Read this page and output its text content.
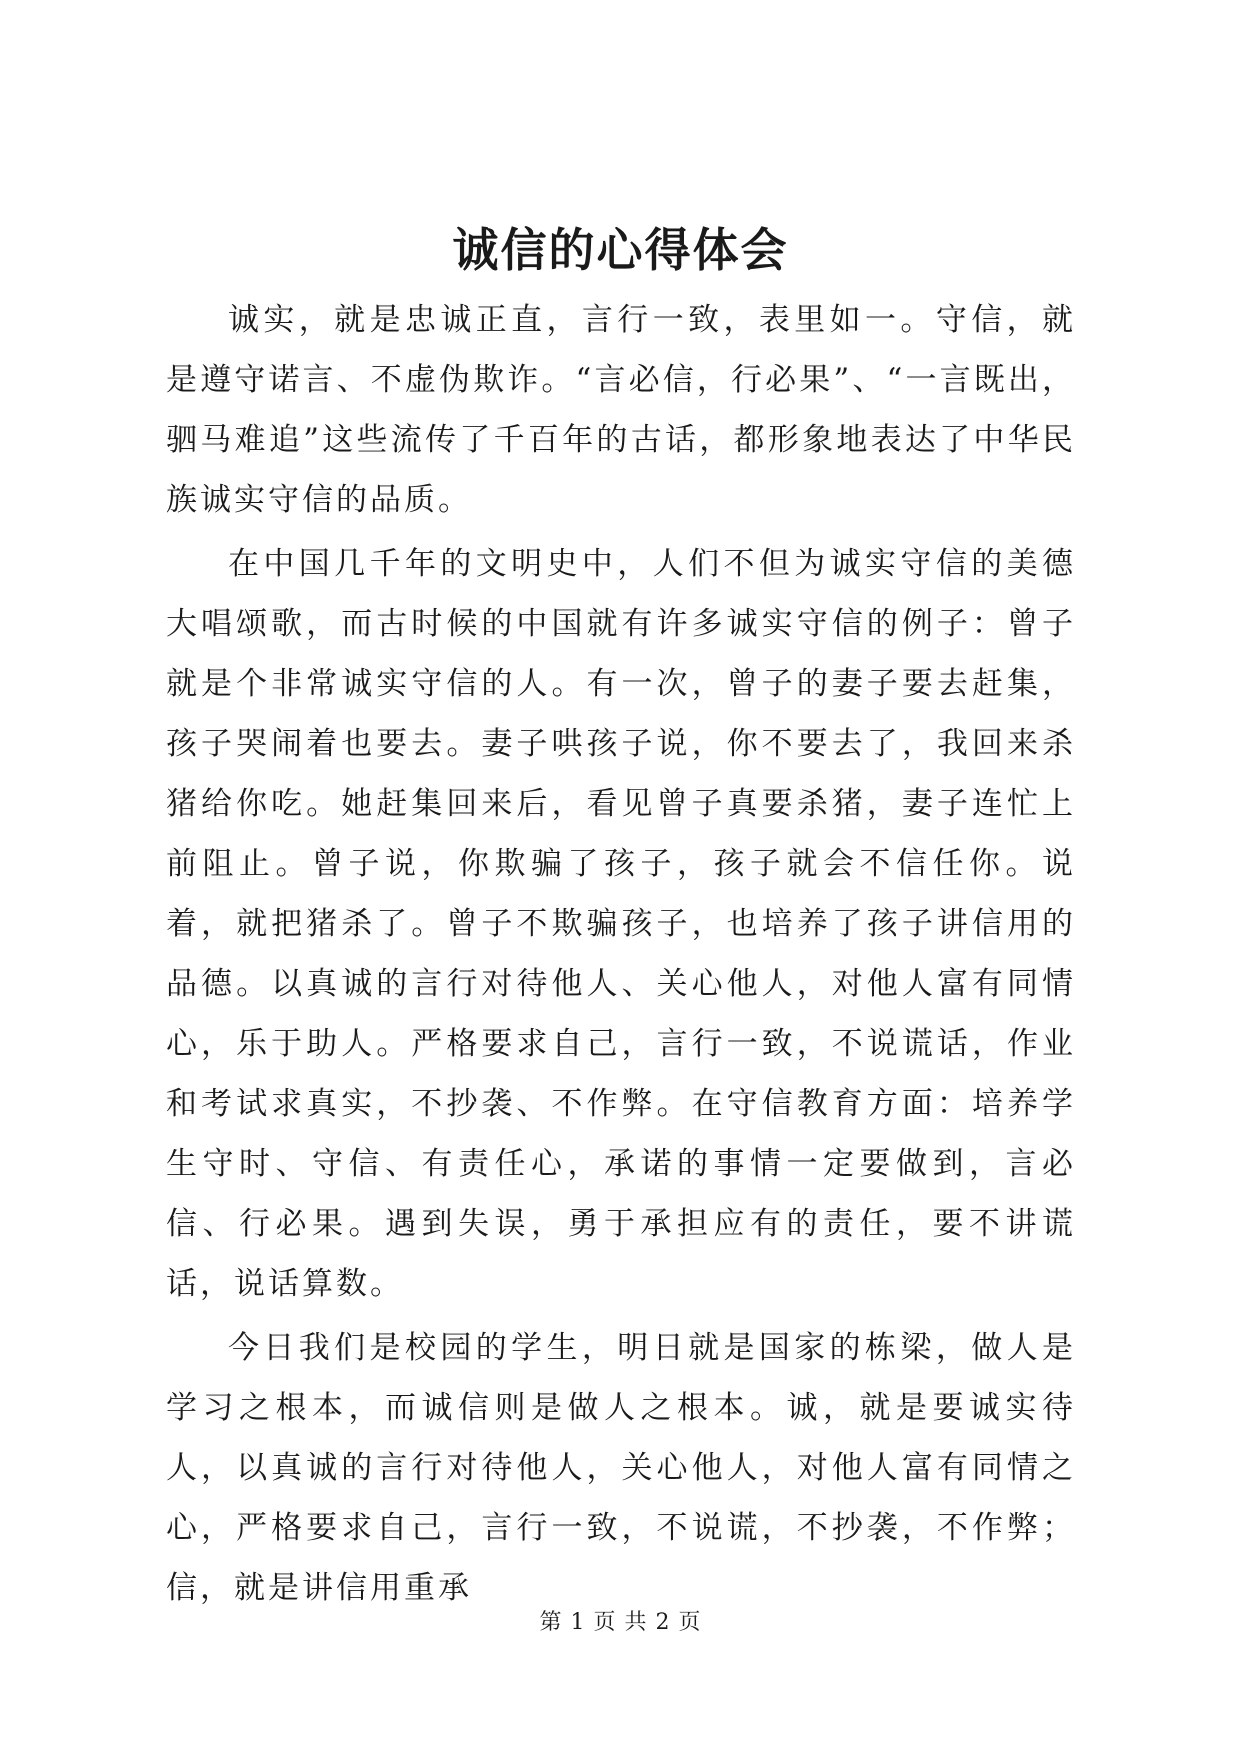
诚信的心得体会

诚实，就是忠诚正直，言行一致，表里如一。守信，就是遵守诺言、不虚伪欺诈。“言必信，行必果”、“一言既出，驷马难追”这些流传了千百年的古话，都形象地表达了中华民族诚实守信的品质。

在中国几千年的文明史中，人们不但为诚实守信的美德大唱颂歌，而古时候的中国就有许多诚实守信的例子：曾子就是个非常诚实守信的人。有一次，曾子的妻子要去赶集，孩子哭闹着也要去。妻子哄孩子说，你不要去了，我回来杀猪给你吃。她赶集回来后，看见曾子真要杀猪，妻子连忙上前阻止。曾子说，你欺骗了孩子，孩子就会不信任你。说着，就把猪杀了。曾子不欺骗孩子，也培养了孩子讲信用的品德。以真诚的言行对待他人、关心他人，对他人富有同情心，乐于助人。严格要求自己，言行一致，不说谎话，作业和考试求真实，不抄袭、不作弊。在守信教育方面：培养学生守时、守信、有责任心，承诺的事情一定要做到，言必信、行必果。遇到失误，勇于承担应有的责任，要不讲谎话，说话算数。

今日我们是校园的学生，明日就是国家的栋梁，做人是学习之根本，而诚信则是做人之根本。诚，就是要诚实待人，以真诚的言行对待他人，关心他人，对他人富有同情之心，严格要求自己，言行一致，不说谎，不抄袭，不作弊；信，就是讲信用重承

第 1 页 共 2 页
